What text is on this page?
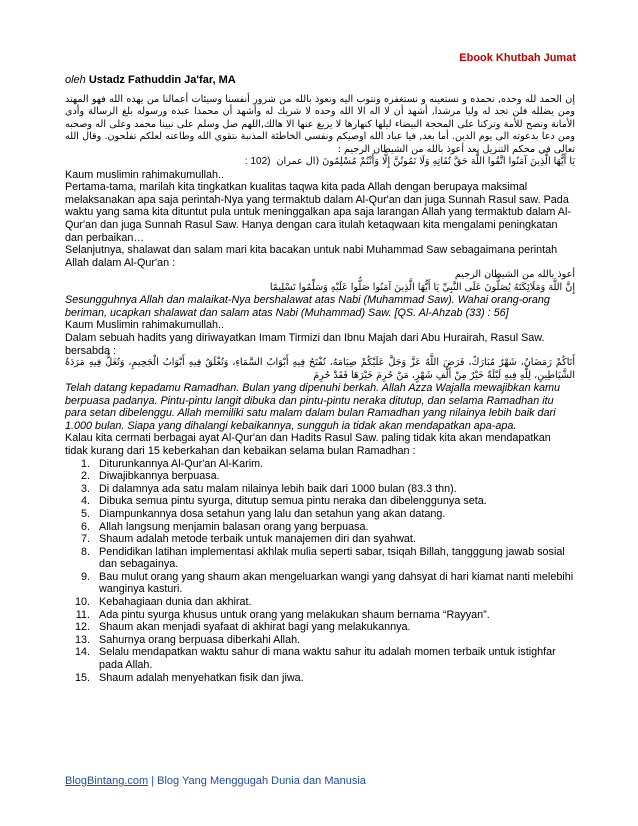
Ebook Khutbah Jumat
oleh Ustadz Fathuddin Ja'far, MA

إن الحمد لله وحده, نحمده و نستعينه و نستغفره ونتوب اليه ونعوذ بالله من شرور أنفسنا وسيئات أعمالنا من يهده الله فهو المهتد ومن يضلله فلن تجد له وليا مرشدا, أشهد أن لا اله الا الله وحده لا شريك له وأشهد أن محمدا عبده ورسوله بلغ الرسالة وأدى الأمانة ونصح للأمة وتركنا على المحجة البيضاء ليلها كنهارها لا يزيغ عنها الا هالك,اللهم صل وسلم على نبينا محمد وعلى اله وصحبه ومن دعا بدعوته الى يوم الدين. أما بعد, فيا عباد الله اوصيكم ونفسي الخاطئة المذنبة بتقوى الله وطاعته لعلكم تفلحون. وقال الله تعالى في محكم التنزيل بعد أعوذ بالله من الشيطان الرجيم :

: 102) يَا أَيُّهَا الَّذِينَ آمَنُوا اتَّقُوا اللَّهَ حَقَّ تُقَاتِهِ وَلَا تَمُوتُنَّ إِلَّا وَأَنْتُمْ مُسْلِمُونَ (ال عمران

Kaum muslimin rahimakumullah..

Pertama-tama, marilah kita tingkatkan kualitas taqwa kita pada Allah dengan berupaya maksimal melaksanakan apa saja perintah-Nya yang termaktub dalam Al-Qur'an dan juga Sunnah Rasul saw. Pada waktu yang sama kita dituntut pula untuk meninggalkan apa saja larangan Allah yang termaktub dalam Al-Qur'an dan juga Sunnah Rasul Saw. Hanya dengan cara itulah ketaqwaan kita mengalami peningkatan dan perbaikan…

Selanjutnya, shalawat dan salam mari kita bacakan untuk nabi Muhammad Saw sebagaimana perintah Allah dalam Al-Qur'an :

أعوذ بالله من الشيطان الرجيم

إِنَّ اللَّهَ وَمَلَائِكَتَهُ يُصَلُّونَ عَلَى النَّبِيِّ يَا أَيُّهَا الَّذِينَ آمَنُوا صَلُّوا عَلَيْهِ وَسَلِّمُوا تَسْلِيمًا

Sesungguhnya Allah dan malaikat-Nya bershalawat atas Nabi (Muhammad Saw). Wahai orang-orang beriman, ucapkan shalawat dan salam atas Nabi (Muhammad) Saw. [QS. Al-Ahzab (33) : 56]

Kaum Muslimin rahimakumullah..

Dalam sebuah hadits yang diriwayatkan Imam Tirmizi dan Ibnu Majah dari Abu Hurairah, Rasul Saw. bersabda :

أَتَاكُمْ رَمَضَانُ، شَهْرٌ مُبَارَكٌ، فَرَضَ اللَّهُ عَزَّ وَجَلَّ عَلَيْكُمْ صِيَامَهُ، تُفْتَحُ فِيهِ أَبْوَابُ السَّمَاءِ، وَتُغْلَقُ فِيهِ أَبْوَابُ الْجَحِيمِ، وَتُغَلُّ فِيهِ مَرَدَةُ الشَّيَاطِينِ، لِلَّهِ فِيهِ لَيْلَةٌ خَيْرٌ مِنْ أَلْفِ شَهْرٍ، مَنْ حُرِمَ خَيْرَهَا فَقَدْ حُرِمَ

Telah datang kepadamu Ramadhan. Bulan yang dipenuhi berkah. Allah Azza Wajalla mewajibkan kamu berpuasa padanya. Pintu-pintu langit dibuka dan pintu-pintu neraka ditutup, dan selama Ramadhan itu para setan dibelenggu. Allah memiliki satu malam dalam bulan Ramadhan yang nilainya lebih baik dari 1.000 bulan. Siapa yang dihalangi kebaikannya, sungguh ia tidak akan mendapatkan apa-apa.

Kalau kita cermati berbagai ayat Al-Qur'an dan Hadits Rasul Saw. paling tidak kita akan mendapatkan tidak kurang dari 15 keberkahan dan kebaikan selama bulan Ramadhan :

1. Diturunkannya Al-Qur'an Al-Karim.
2. Diwajibkannya berpuasa.
3. Di dalamnya ada satu malam nilainya lebih baik dari 1000 bulan (83.3 thn).
4. Dibuka semua pintu syurga, ditutup semua pintu neraka dan dibelenggunya seta.
5. Diampunkannya dosa setahun yang lalu dan setahun yang akan datang.
6. Allah langsung menjamin balasan orang yang berpuasa.
7. Shaum adalah metode terbaik untuk manajemen diri dan syahwat.
8. Pendidikan latihan implementasi akhlak mulia seperti sabar, tsiqah Billah, tangggung jawab sosial dan sebagainya.
9. Bau mulut orang yang shaum akan mengeluarkan wangi yang dahsyat di hari kiamat nanti melebihi wanginya kasturi.
10. Kebahagiaan dunia dan akhirat.
11. Ada pintu syurga khusus untuk orang yang melakukan shaum bernama “Rayyan”.
12. Shaum akan menjadi syafaat di akhirat bagi yang melakukannya.
13. Sahurnya orang berpuasa diberkahi Allah.
14. Selalu mendapatkan waktu sahur di mana waktu sahur itu adalah momen terbaik untuk istighfar pada Allah.
15. Shaum adalah menyehatkan fisik dan jiwa.
BlogBintang.com | Blog Yang Menggugah Dunia dan Manusia
